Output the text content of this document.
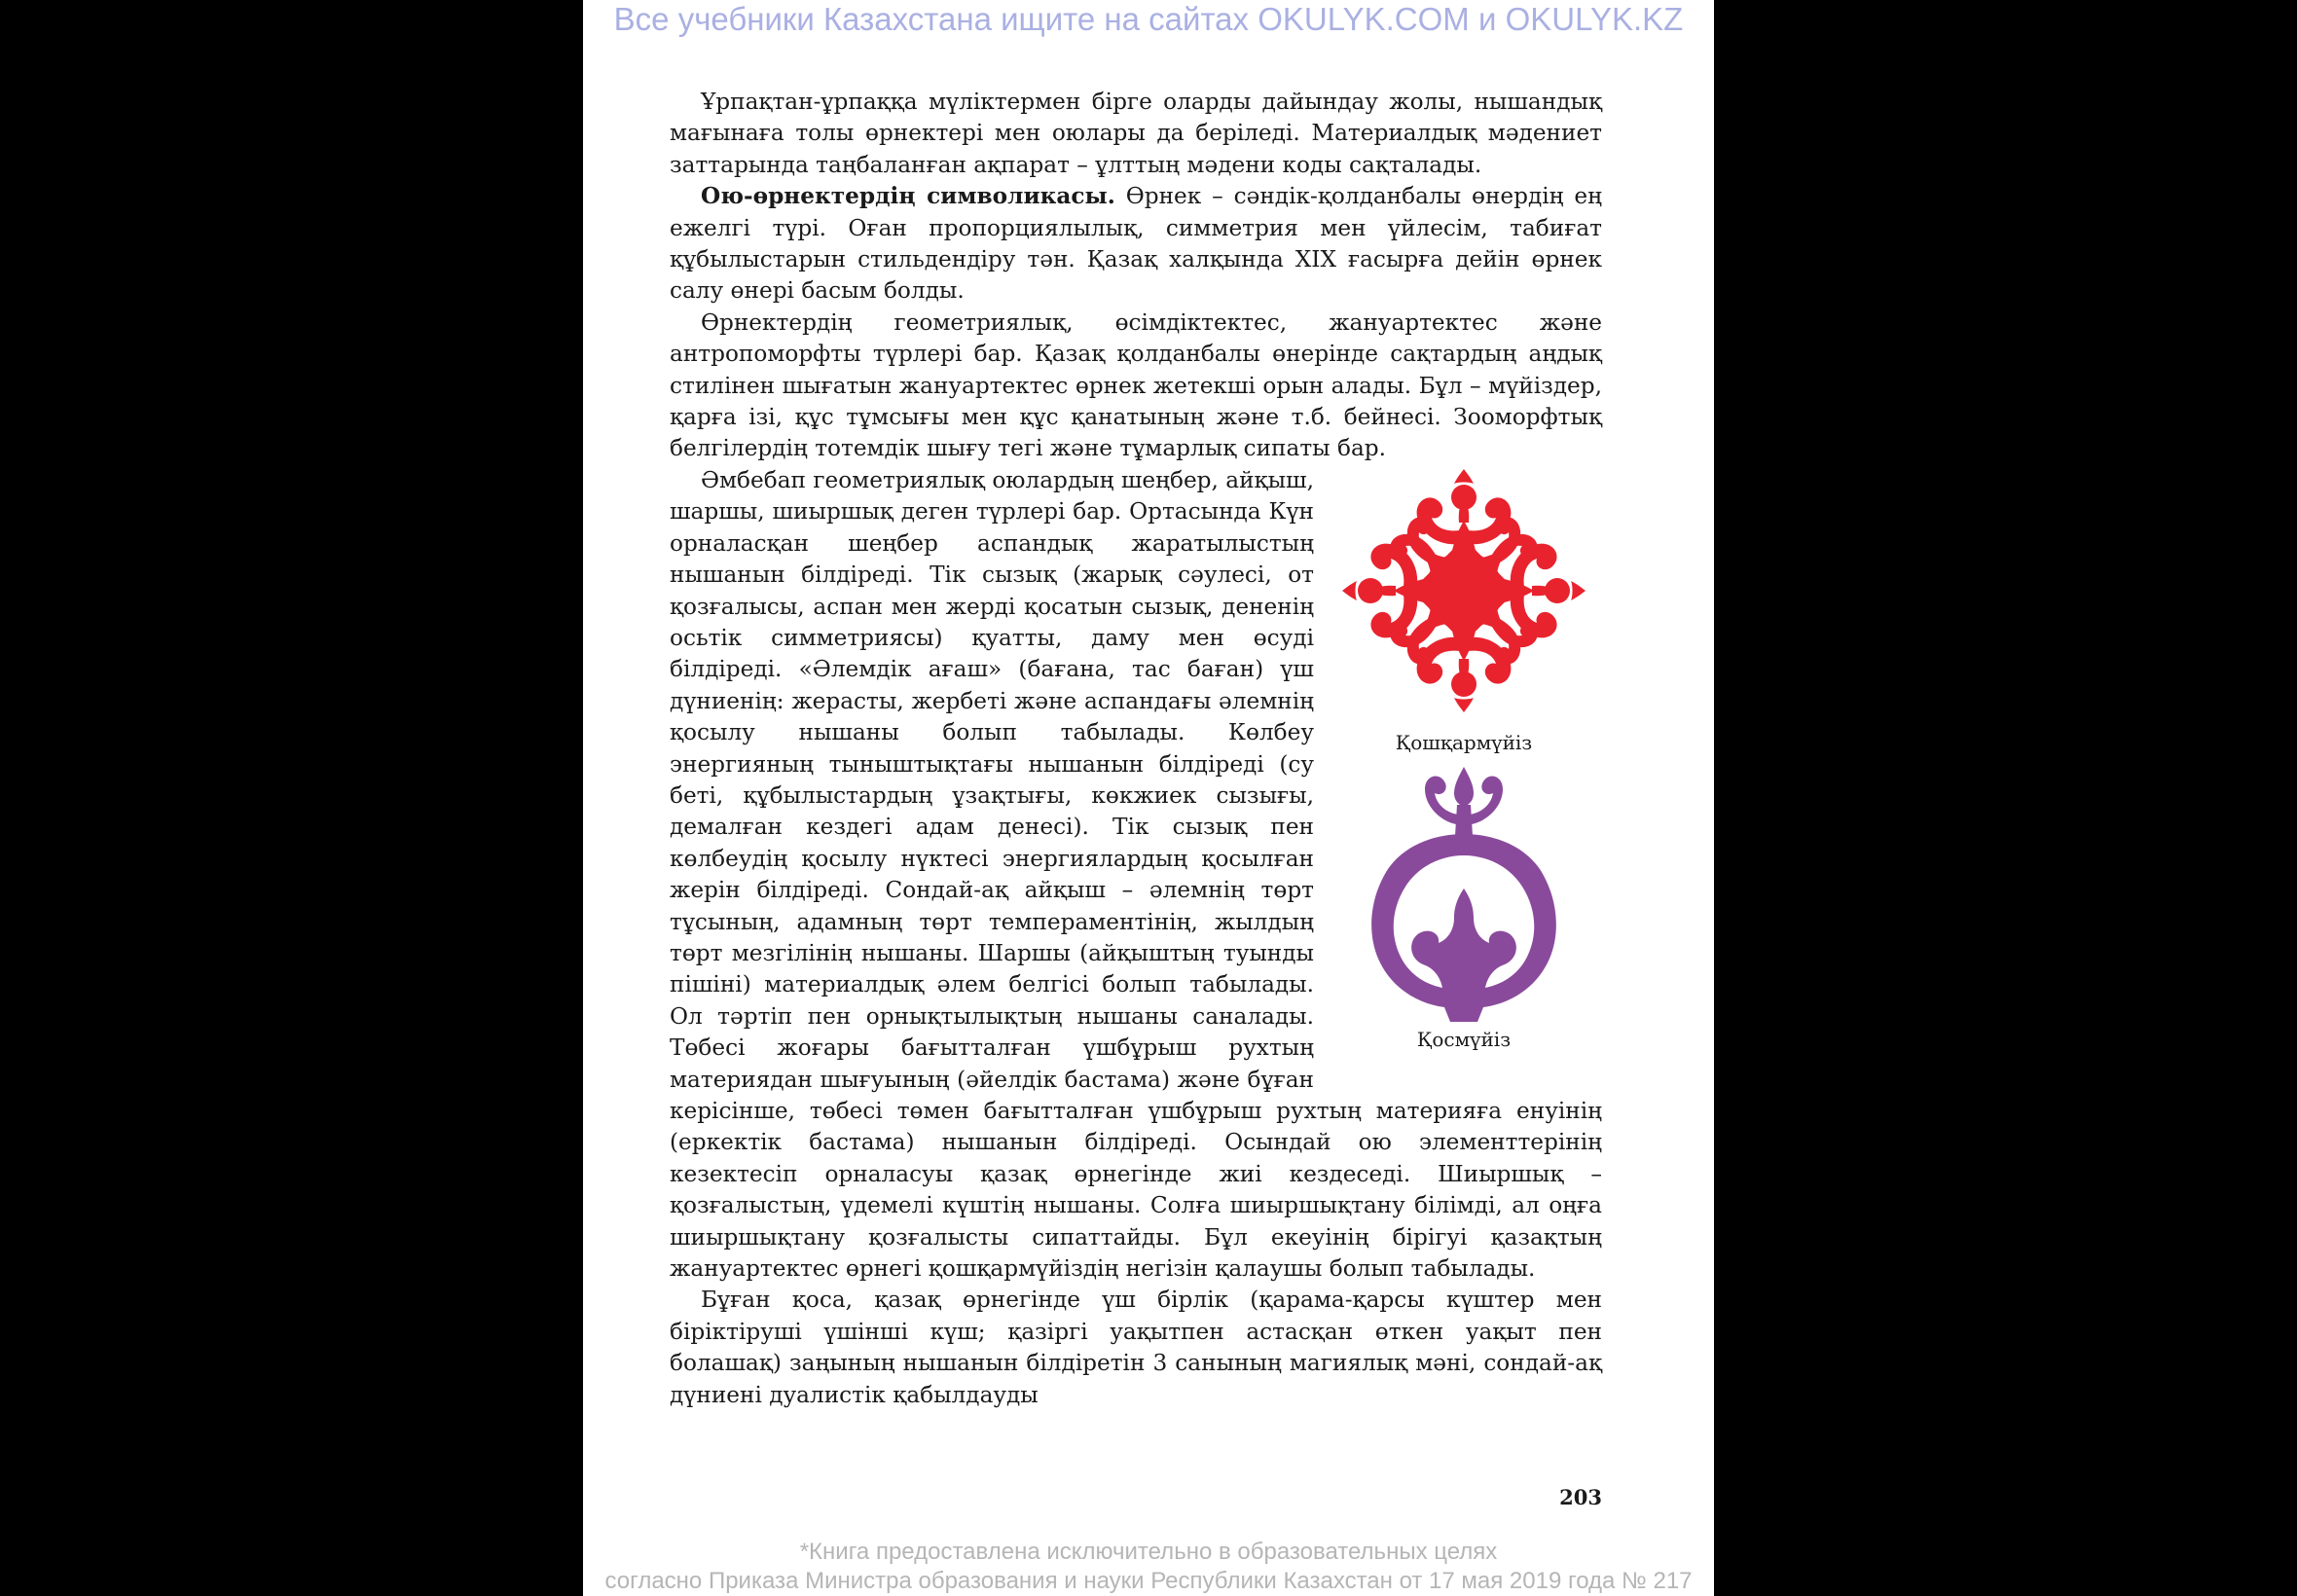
Все учебники Казахстана ищите на сайтах OKULYK.COM и OKULYK.KZ

Ұрпақтан-ұрпаққа мүліктермен бірге оларды дайындау жолы, нышандық мағынаға толы өрнектері мен оюлары да беріледі. Материалдық мәдениет заттарында таңбаланған ақпарат – ұлттың мәдени коды сақталады.

Ою-өрнектердің символикасы. Өрнек – сәндік-қолданбалы өнердің ең ежелгі түрі. Оған пропорциялылық, симметрия мен үйлесім, табиғат құбылыстарын стильдендіру тән. Қазақ халқында XIX ғасырға дейін өрнек салу өнері басым болды.

Өрнектердің геометриялық, өсімдіктектес, жануартектес және антропоморфты түрлері бар. Қазақ қолданбалы өнерінде сақтардың аңдық стилінен шығатын жануартектес өрнек жетекші орын алады. Бұл – мүйіздер, қарға ізі, құс тұмсығы мен құс қанатының және т.б. бейнесі. Зооморфтық белгілердің тотемдік шығу тегі және тұмарлық сипаты бар.

Қошқармүйіз
Қосмүйіз

Әмбебап геометриялық оюлардың шеңбер, айқыш, шаршы, шиыршық деген түрлері бар. Ортасында Күн орналасқан шеңбер аспандық жаратылыстың нышанын білдіреді. Тік сызық (жарық сәулесі, от қозғалысы, аспан мен жерді қосатын сызық, дененің осьтік симметриясы) қуатты, даму мен өсуді білдіреді. «Әлемдік ағаш» (бағана, тас баған) үш дүниенің: жерасты, жербеті және аспандағы әлемнің қосылу нышаны болып табылады. Көлбеу энергияның тыныштықтағы нышанын білдіреді (су беті, құбылыстардың ұзақтығы, көкжиек сызығы, демалған кездегі адам денесі). Тік сызық пен көлбеудің қосылу нүктесі энергиялардың қосылған жерін білдіреді. Сондай-ақ айқыш – әлемнің төрт тұсының, адамның төрт темпераментінің, жылдың төрт мезгілінің нышаны. Шаршы (айқыштың туынды пішіні) материалдық әлем белгісі болып табылады. Ол тәртіп пен орнықтылықтың нышаны саналады. Төбесі жоғары бағытталған үшбұрыш рухтың материядан шығуының (әйелдік бастама) және бұған керісінше, төбесі төмен бағытталған үшбұрыш рухтың материяға енуінің (еркектік бастама) нышанын білдіреді. Осындай ою элементтерінің кезектесіп орналасуы қазақ өрнегінде жиі кездеседі. Шиыршық – қозғалыстың, үдемелі күштің нышаны. Солға шиыршықтану білімді, ал оңға шиыршықтану қозғалысты сипаттайды. Бұл екеуінің бірігуі қазақтың жануартектес өрнегі қошқармүйіздің негізін қалаушы болып табылады.

Бұған қоса, қазақ өрнегінде үш бірлік (қарама-қарсы күштер мен біріктіруші үшінші күш; қазіргі уақытпен астасқан өткен уақыт пен болашақ) заңының нышанын білдіретін 3 санының магиялық мәні, сондай-ақ дүниені дуалистік қабылдауды

203
*Книга предоставлена исключительно в образовательных целях
согласно Приказа Министра образования и науки Республики Казахстан от 17 мая 2019 года № 217
